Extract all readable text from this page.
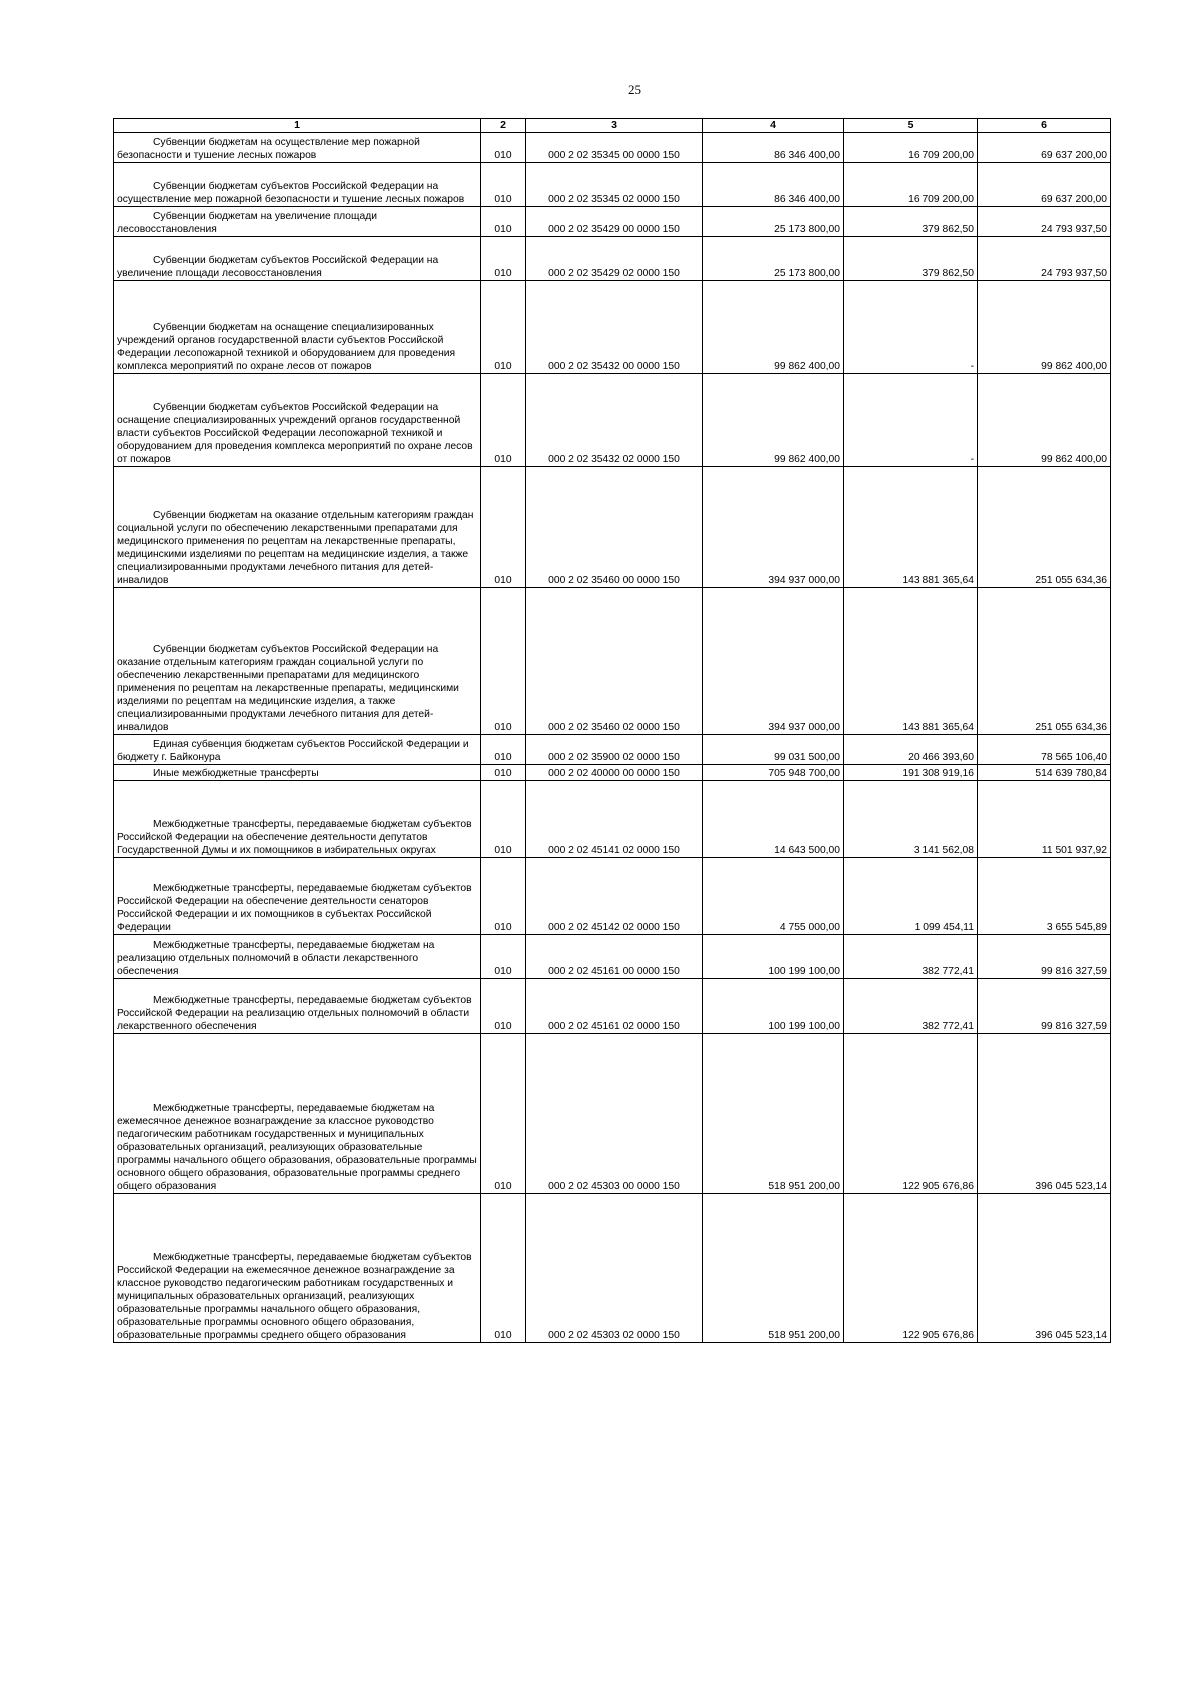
25
1	2	3	4	5	6

Субвенции бюджетам на осуществление мер пожарной безопасности и тушение лесных пожаров	010	000 2 02 35345 00 0000 150	86 346 400,00	16 709 200,00	69 637 200,00

Субвенции бюджетам субъектов Российской Федерации на осуществление мер пожарной безопасности и тушение лесных пожаров	010	000 2 02 35345 02 0000 150	86 346 400,00	16 709 200,00	69 637 200,00

Субвенции бюджетам на увеличение площади лесовосстановления	010	000 2 02 35429 00 0000 150	25 173 800,00	379 862,50	24 793 937,50

Субвенции бюджетам субъектов Российской Федерации на увеличение площади лесовосстановления	010	000 2 02 35429 02 0000 150	25 173 800,00	379 862,50	24 793 937,50

Субвенции бюджетам на оснащение специализированных учреждений органов государственной власти субъектов Российской Федерации лесопожарной техникой и оборудованием для проведения комплекса мероприятий по охране лесов от пожаров	010	000 2 02 35432 00 0000 150	99 862 400,00	-	99 862 400,00

Субвенции бюджетам субъектов Российской Федерации на оснащение специализированных учреждений органов государственной власти субъектов Российской Федерации лесопожарной техникой и оборудованием для проведения комплекса мероприятий по охране лесов от пожаров	010	000 2 02 35432 02 0000 150	99 862 400,00	-	99 862 400,00

Субвенции бюджетам на оказание отдельным категориям граждан социальной услуги по обеспечению лекарственными препаратами для медицинского применения по рецептам на лекарственные препараты, медицинскими изделиями по рецептам на медицинские изделия, а также специализированными продуктами лечебного питания для детей-инвалидов	010	000 2 02 35460 00 0000 150	394 937 000,00	143 881 365,64	251 055 634,36

Субвенции бюджетам субъектов Российской Федерации на оказание отдельным категориям граждан социальной услуги по обеспечению лекарственными препаратами для медицинского применения по рецептам на лекарственные препараты, медицинскими изделиями по рецептам на медицинские изделия, а также специализированными продуктами лечебного питания для детей-инвалидов	010	000 2 02 35460 02 0000 150	394 937 000,00	143 881 365,64	251 055 634,36

Единая субвенция бюджетам субъектов Российской Федерации и бюджету г. Байконура	010	000 2 02 35900 02 0000 150	99 031 500,00	20 466 393,60	78 565 106,40

Иные межбюджетные трансферты	010	000 2 02 40000 00 0000 150	705 948 700,00	191 308 919,16	514 639 780,84

Межбюджетные трансферты, передаваемые бюджетам субъектов Российской Федерации на обеспечение деятельности депутатов Государственной Думы и их помощников в избирательных округах	010	000 2 02 45141 02 0000 150	14 643 500,00	3 141 562,08	11 501 937,92

Межбюджетные трансферты, передаваемые бюджетам субъектов Российской Федерации на обеспечение деятельности сенаторов Российской Федерации и их помощников в субъектах Российской Федерации	010	000 2 02 45142 02 0000 150	4 755 000,00	1 099 454,11	3 655 545,89

Межбюджетные трансферты, передаваемые бюджетам на реализацию отдельных полномочий в области лекарственного обеспечения	010	000 2 02 45161 00 0000 150	100 199 100,00	382 772,41	99 816 327,59

Межбюджетные трансферты, передаваемые бюджетам субъектов Российской Федерации на реализацию отдельных полномочий в области лекарственного обеспечения	010	000 2 02 45161 02 0000 150	100 199 100,00	382 772,41	99 816 327,59

Межбюджетные трансферты, передаваемые бюджетам на ежемесячное денежное вознаграждение за классное руководство педагогическим работникам государственных и муниципальных образовательных организаций, реализующих образовательные программы начального общего образования, образовательные программы основного общего образования, образовательные программы среднего общего образования	010	000 2 02 45303 00 0000 150	518 951 200,00	122 905 676,86	396 045 523,14

Межбюджетные трансферты, передаваемые бюджетам субъектов Российской Федерации на ежемесячное денежное вознаграждение за классное руководство педагогическим работникам государственных и муниципальных образовательных организаций, реализующих образовательные программы начального общего образования, образовательные программы основного общего образования, образовательные программы среднего общего образования	010	000 2 02 45303 02 0000 150	518 951 200,00	122 905 676,86	396 045 523,14
